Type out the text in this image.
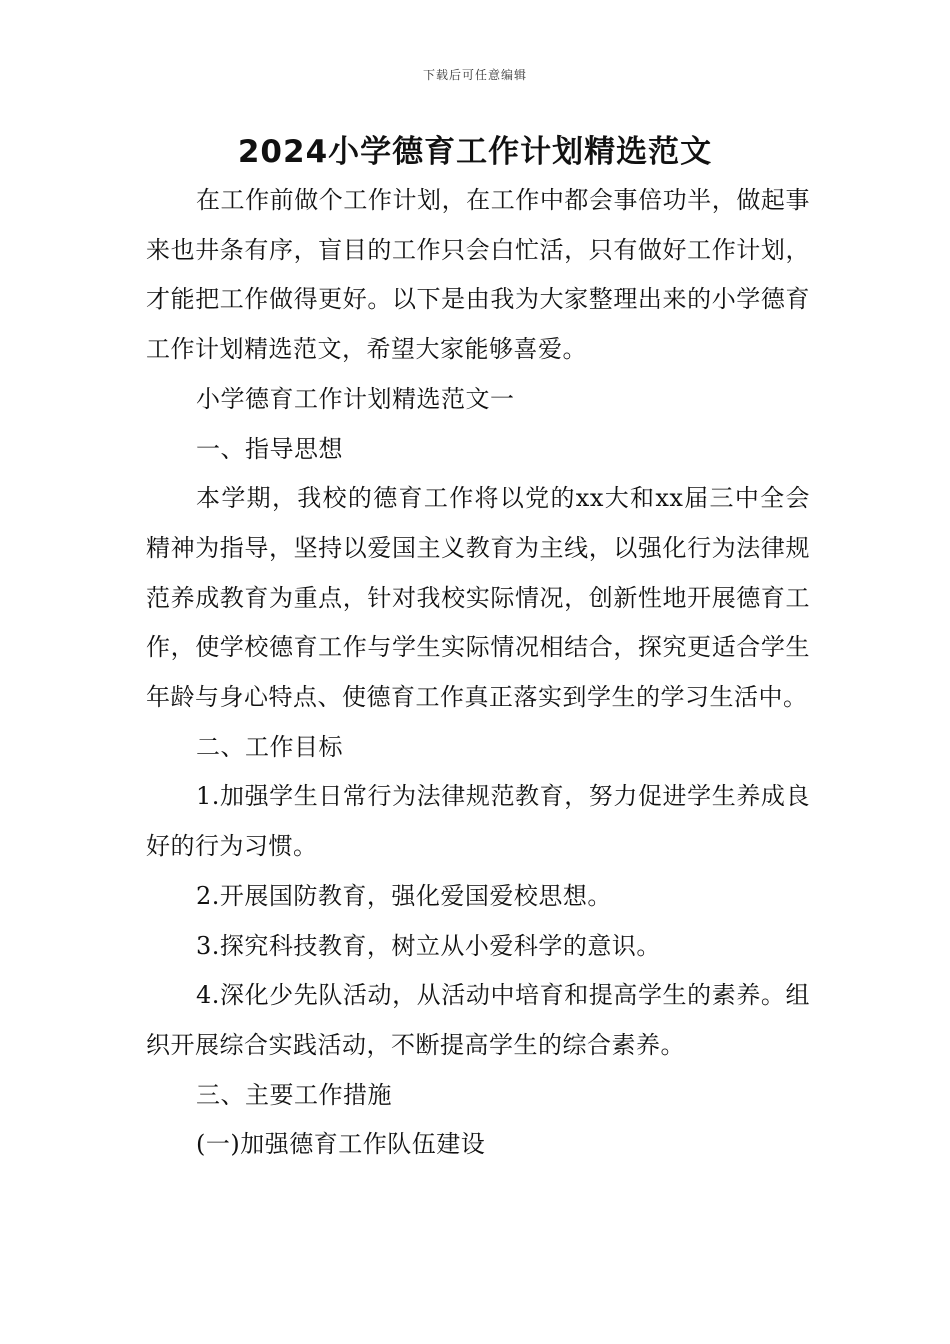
下载后可任意编辑
2024小学德育工作计划精选范文

在工作前做个工作计划，在工作中都会事倍功半，做起事来也井条有序，盲目的工作只会白忙活，只有做好工作计划，才能把工作做得更好。以下是由我为大家整理出来的小学德育工作计划精选范文，希望大家能够喜爱。

小学德育工作计划精选范文一

一、指导思想

本学期，我校的德育工作将以党的xx大和xx届三中全会精神为指导，坚持以爱国主义教育为主线，以强化行为法律规范养成教育为重点，针对我校实际情况，创新性地开展德育工作，使学校德育工作与学生实际情况相结合，探究更适合学生年龄与身心特点、使德育工作真正落实到学生的学习生活中。

二、工作目标

1.加强学生日常行为法律规范教育，努力促进学生养成良好的行为习惯。

2.开展国防教育，强化爱国爱校思想。

3.探究科技教育，树立从小爱科学的意识。

4.深化少先队活动，从活动中培育和提高学生的素养。组织开展综合实践活动，不断提高学生的综合素养。

三、主要工作措施

(一)加强德育工作队伍建设
